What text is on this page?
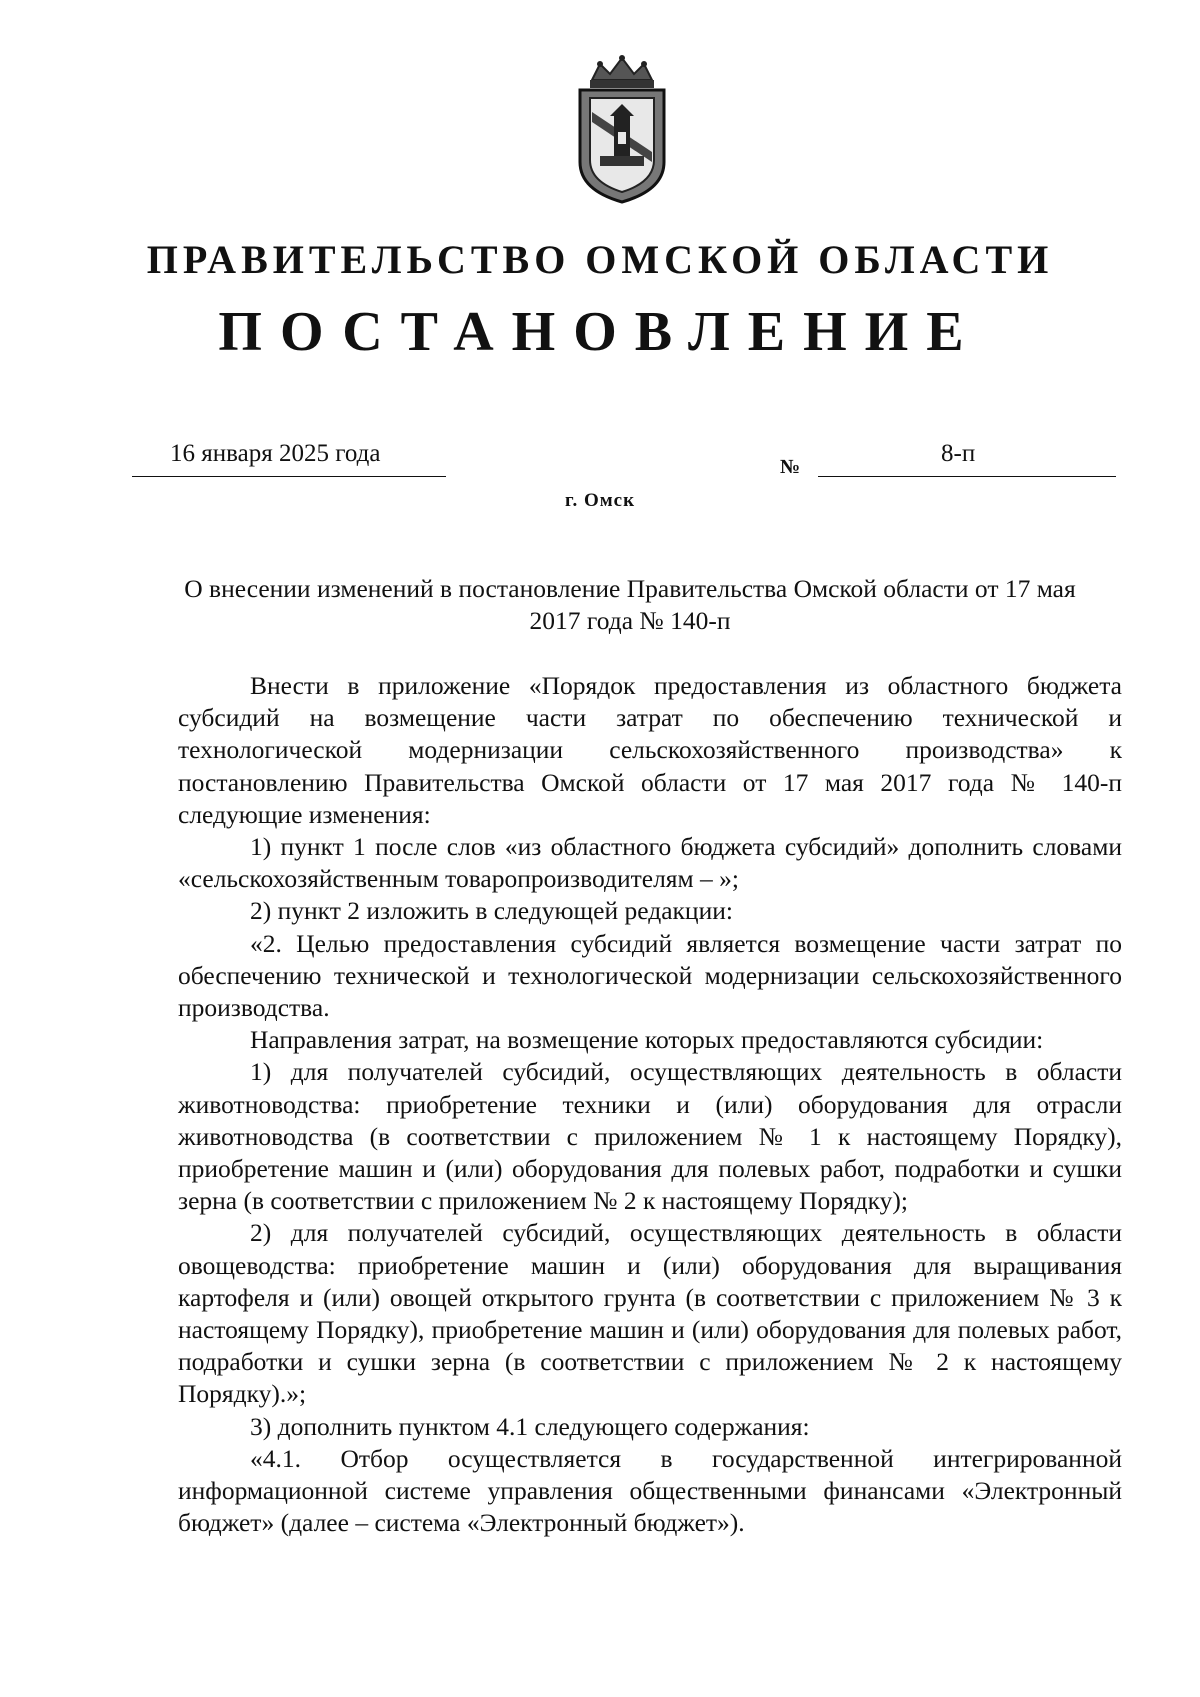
ПРАВИТЕЛЬСТВО ОМСКОЙ ОБЛАСТИ
ПОСТАНОВЛЕНИЕ
16 января 2025 года	№	8-п
г. Омск
О внесении изменений в постановление Правительства Омской области от 17 мая 2017 года № 140-п

Внести в приложение «Порядок предоставления из областного бюджета субсидий на возмещение части затрат по обеспечению технической и технологической модернизации сельскохозяйственного производства» к постановлению Правительства Омской области от 17 мая 2017 года № 140-п следующие изменения:

1) пункт 1 после слов «из областного бюджета субсидий» дополнить словами «сельскохозяйственным товаропроизводителям – »;

2) пункт 2 изложить в следующей редакции:

«2. Целью предоставления субсидий является возмещение части затрат по обеспечению технической и технологической модернизации сельскохозяйственного производства.

Направления затрат, на возмещение которых предоставляются субсидии:

1) для получателей субсидий, осуществляющих деятельность в области животноводства: приобретение техники и (или) оборудования для отрасли животноводства (в соответствии с приложением № 1 к настоящему Порядку), приобретение машин и (или) оборудования для полевых работ, подработки и сушки зерна (в соответствии с приложением № 2 к настоящему Порядку);

2) для получателей субсидий, осуществляющих деятельность в области овощеводства: приобретение машин и (или) оборудования для выращивания картофеля и (или) овощей открытого грунта (в соответствии с приложением № 3 к настоящему Порядку), приобретение машин и (или) оборудования для полевых работ, подработки и сушки зерна (в соответствии с приложением № 2 к настоящему Порядку).»;

3) дополнить пунктом 4.1 следующего содержания:

«4.1. Отбор осуществляется в государственной интегрированной информационной системе управления общественными финансами «Электронный бюджет» (далее – система «Электронный бюджет»).
